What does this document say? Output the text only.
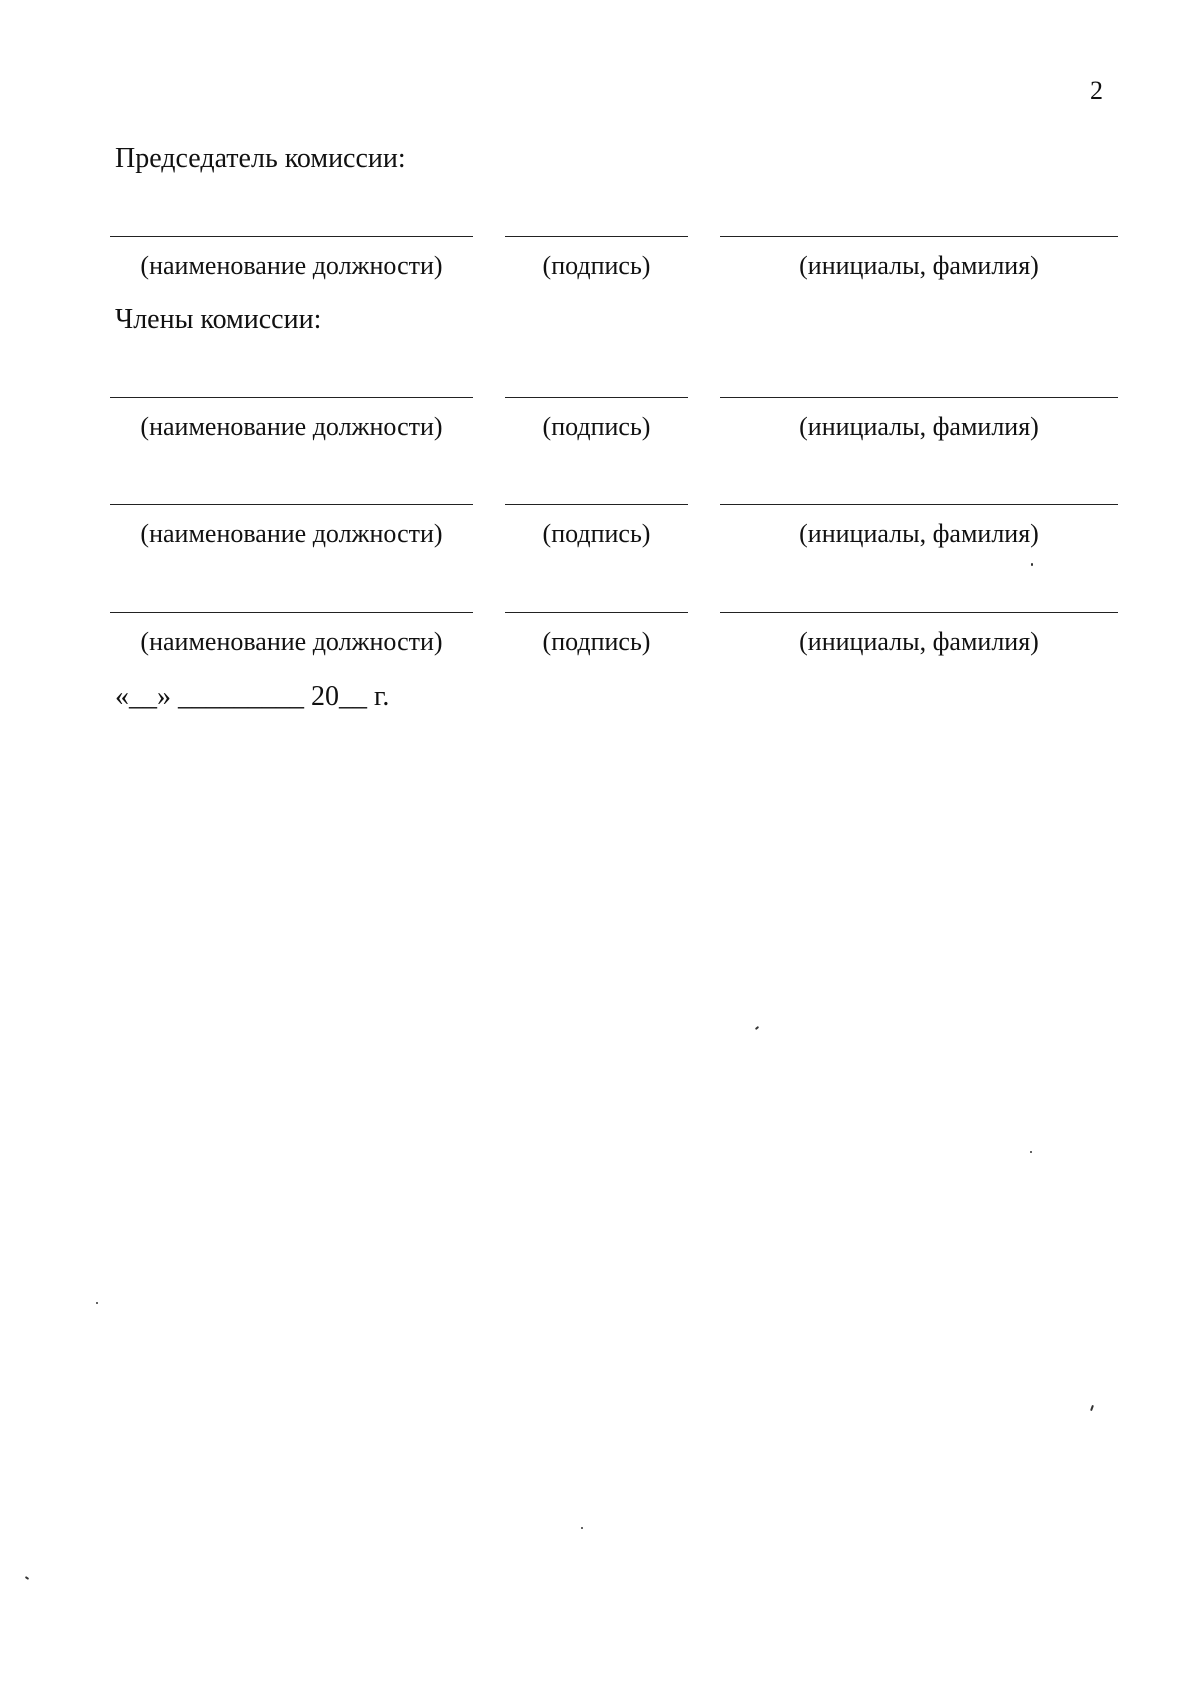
2
Председатель комиссии:
(наименование должности)	(подпись)	(инициалы, фамилия)
Члены комиссии:
(наименование должности)	(подпись)	(инициалы, фамилия)
(наименование должности)	(подпись)	(инициалы, фамилия)
(наименование должности)	(подпись)	(инициалы, фамилия)
«__» _________ 20__ г.
